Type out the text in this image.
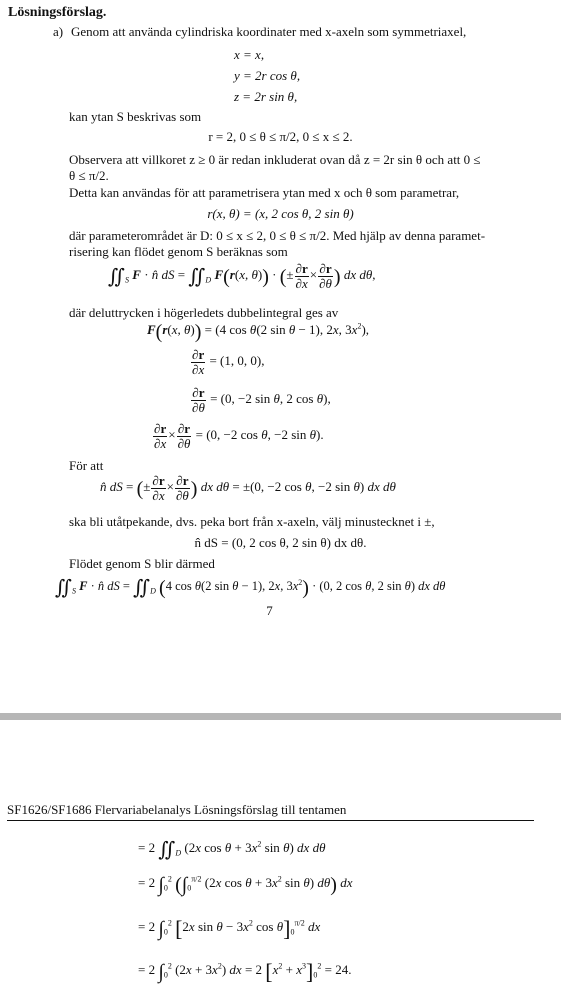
Lösningsförslag.
a) Genom att använda cylindriska koordinater med x-axeln som symmetriaxel,
x = x,
y = 2r cos θ,
z = 2r sin θ,
kan ytan S beskrivas som
r = 2, 0 ≤ θ ≤ π/2, 0 ≤ x ≤ 2.
Observera att villkoret z ≥ 0 är redan inkluderat ovan då z = 2r sin θ och att 0 ≤
θ ≤ π/2.
Detta kan användas för att parametrisera ytan med x och θ som parametrar,
r(x, θ) = (x, 2 cos θ, 2 sin θ)
där parameterområdet är D: 0 ≤ x ≤ 2, 0 ≤ θ ≤ π/2. Med hjälp av denna paramet-
risering kan flödet genom S beräknas som
$∬_S$ F · n̂ dS = $∬_D$ F(r(x, θ)) · (± $\frac{\partial r}{\partial x} \times \frac{\partial r}{\partial\theta}$ ) dx dθ,
där deluttrycken i högerledets dubbelintegral ges av
F(r(x, θ)) = (4 cos θ(2 sin θ − 1), 2x, $3x^2$),
$\frac{\partial r}{\partial x} = (1$, 0, 0),
$\frac{\partial r}{\partial\theta} = (0$, −2 sin θ, 2 cos θ),
$\frac{\partial r}{\partial x} \times \frac{\partial r}{\partial\theta} = (0$, −2 cos θ, −2 sin θ).
För att
n̂ dS = (± $\frac{\partial r}{\partial x} \times \frac{\partial r}{\partial\theta}$ ) dx dθ = ±(0, −2 cos θ, −2 sin θ) dx dθ
ska bli utåtpekande, dvs. peka bort från x-axeln, välj minustecknet i ±,
n̂ dS = (0, 2 cos θ, 2 sin θ) dx dθ.
Flödet genom S blir därmed
$∬_S$ F · n̂ dS = $∬_D$ (4 cos θ(2 sin θ − 1), 2x, $3x^2) \cdot (0$, 2 cos θ, 2 sin θ) dx dθ
7
SF1626/SF1686 Flervariabelanalys Lösningsförslag till tentamen
= 2 $∬_D$ (2x $\cos \theta + 3x^2$ sin θ) dx dθ
= 2 $\int_0^2$ ($\int_0^{\pi/2}$ (2x $\cos \theta + 3x^2$ sin θ) dθ) dx
= 2 $\int_0^2$ [2x $\sin \theta - 3x^2$ $\cos \theta]_0^{\pi/2}$ dx
= 2 $\int_0^2$ $(2x + 3x^2)$ dx = 2 $[x^2 + x^3]_0^2 = 24$.
